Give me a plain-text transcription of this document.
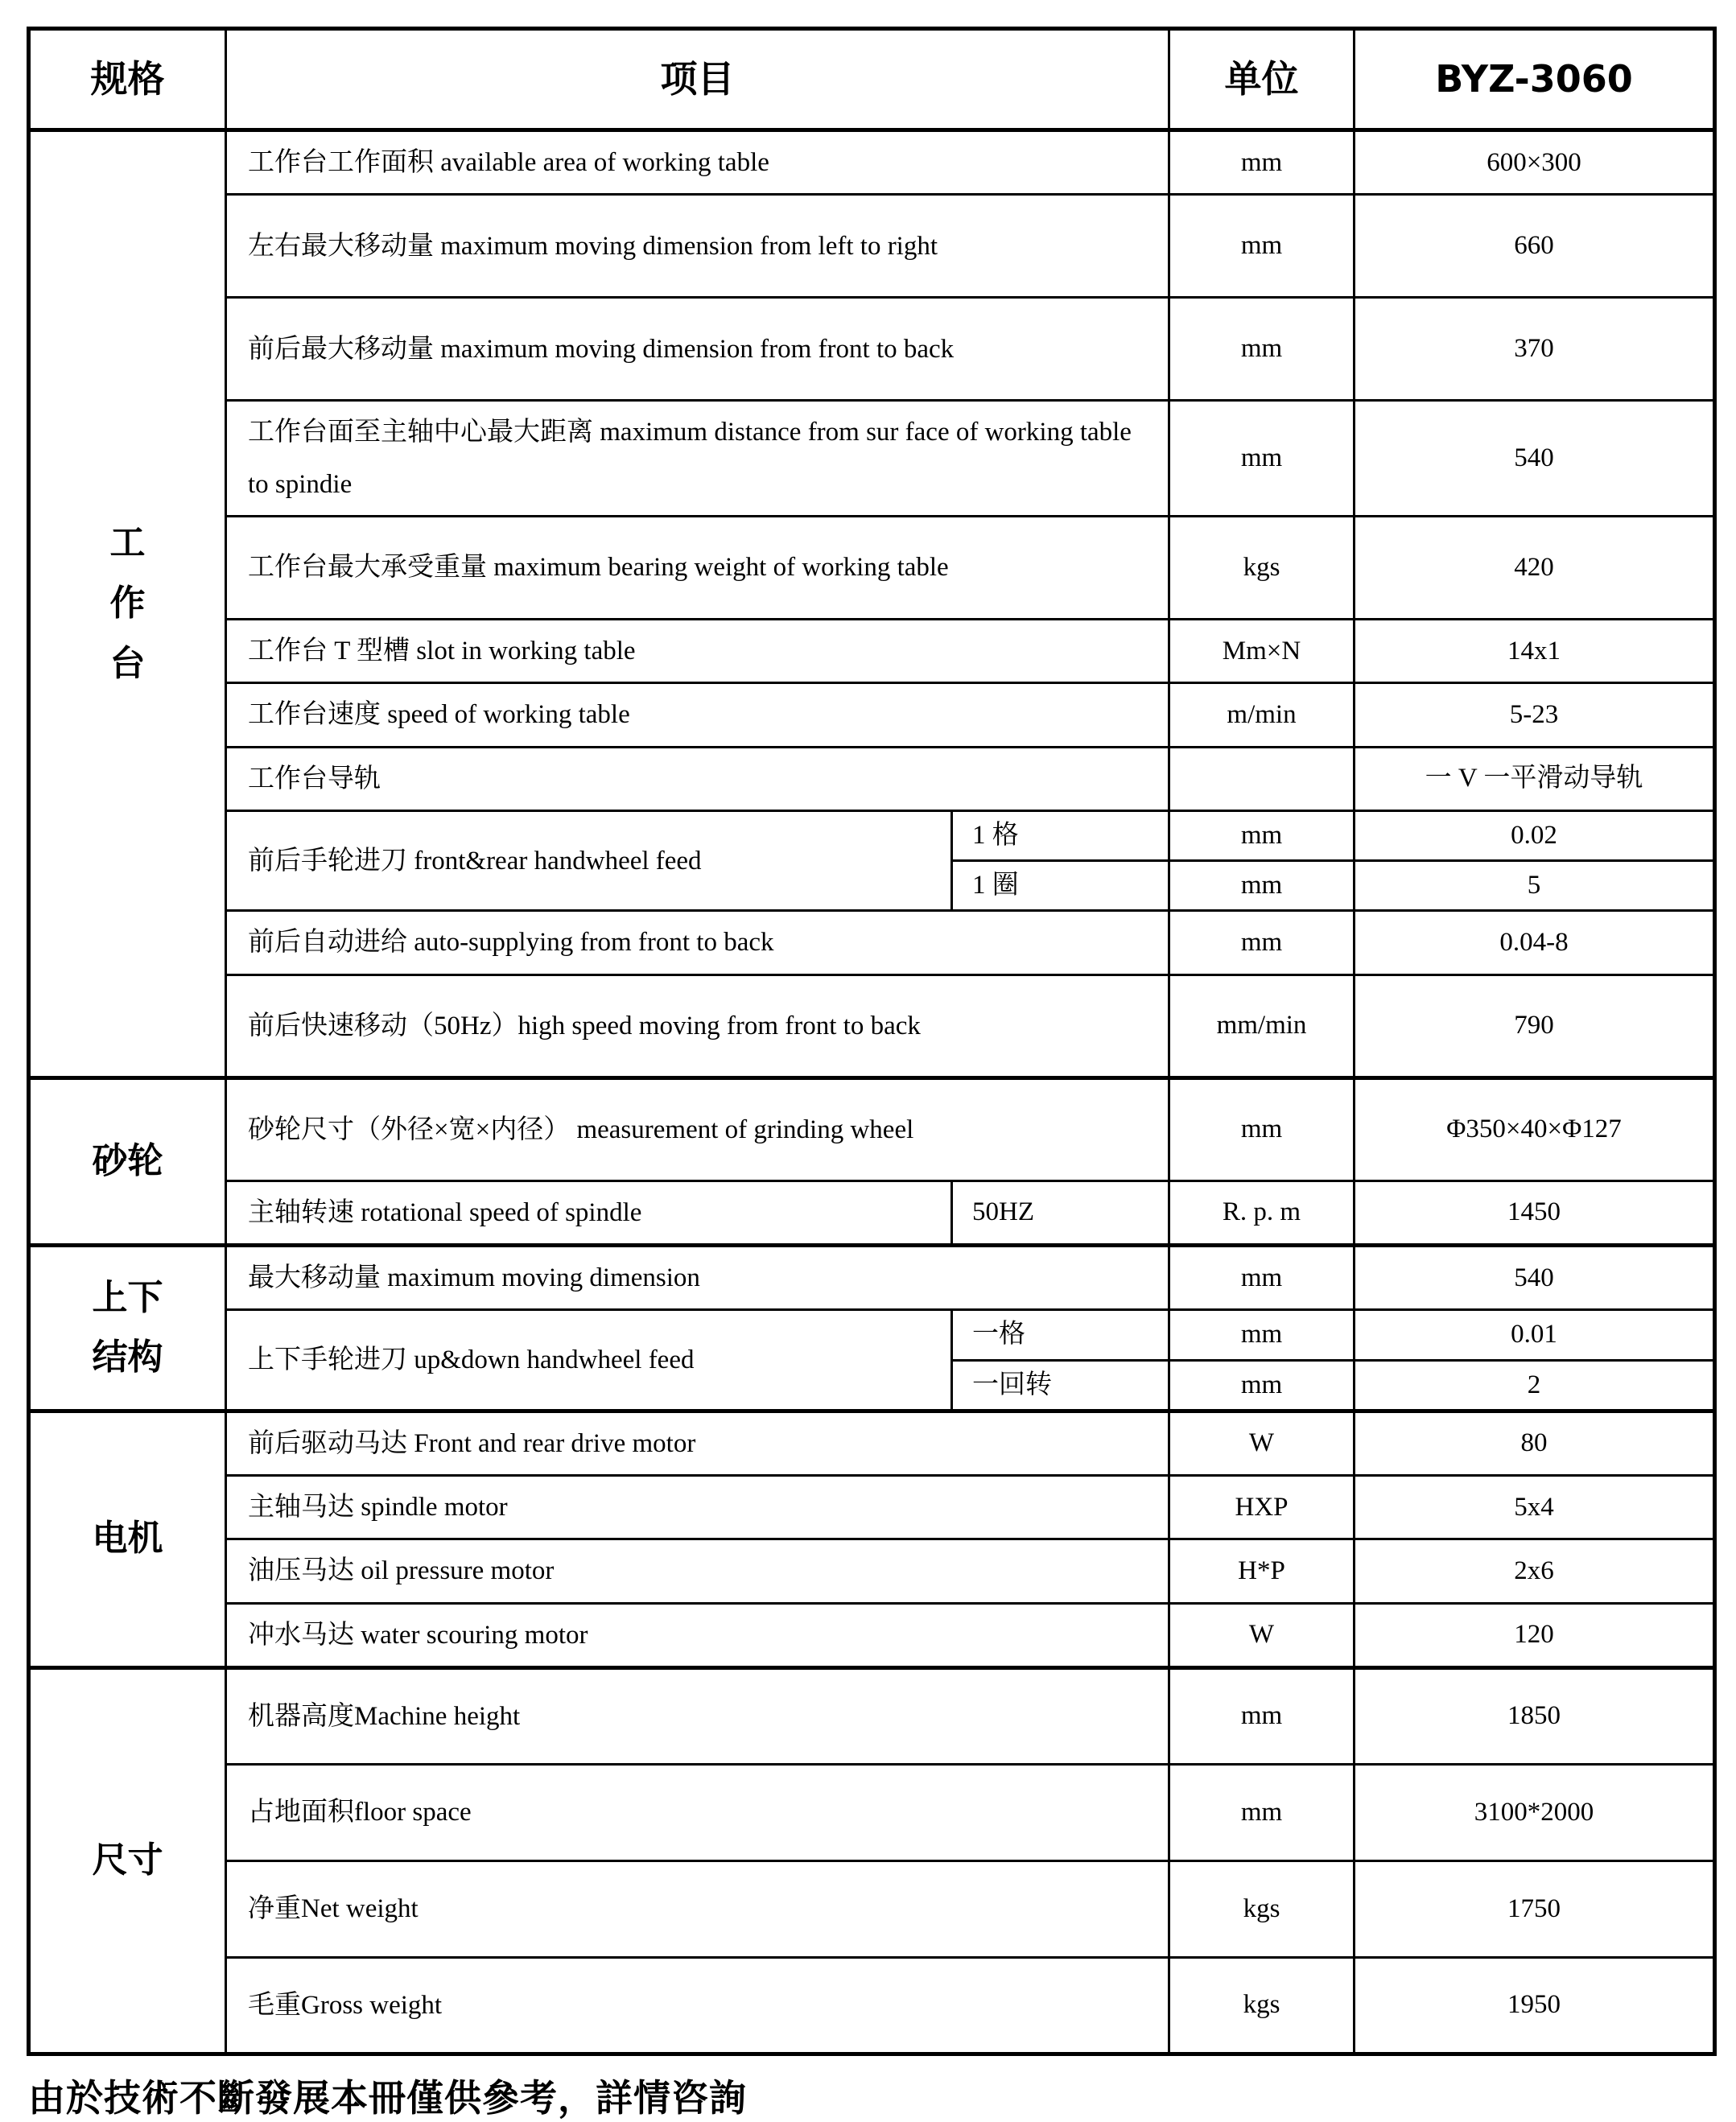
规格	项目		单位	BYZ-3060
工作台	工作台工作面积 available area of working table		mm	600×300
	左右最大移动量 maximum moving dimension from left to right		mm	660
	前后最大移动量 maximum moving dimension from front to back		mm	370
	工作台面至主轴中心最大距离 maximum distance from sur face of working table to spindie		mm	540
	工作台最大承受重量 maximum bearing weight of working table		kgs	420
	工作台 T 型槽 slot in working table		Mm×N	14x1
	工作台速度 speed of working table		m/min	5-23
	工作台导轨			一 V 一平滑动导轨
	前后手轮进刀 front&rear handwheel feed	1 格	mm	0.02
		1 圈	mm	5
	前后自动进给 auto-supplying from front to back		mm	0.04-8
	前后快速移动（50Hz）high speed moving from front to back		mm/min	790
砂轮	砂轮尺寸（外径×宽×内径） measurement of grinding wheel		mm	Φ350×40×Φ127
	主轴转速 rotational speed of spindle	50HZ	R. p. m	1450
上下结构	最大移动量 maximum moving dimension		mm	540
	上下手轮进刀 up&down handwheel feed	一格	mm	0.01
		一回转	mm	2
电机	前后驱动马达 Front and rear drive motor		W	80
	主轴马达 spindle motor		HXP	5x4
	油压马达 oil pressure motor		H*P	2x6
	冲水马达 water scouring motor		W	120
尺寸	机器高度Machine height		mm	1850
	占地面积floor space		mm	3100*2000
	净重Net weight		kgs	1750
	毛重Gross weight		kgs	1950
由於技術不斷發展本冊僅供參考，詳情咨詢
